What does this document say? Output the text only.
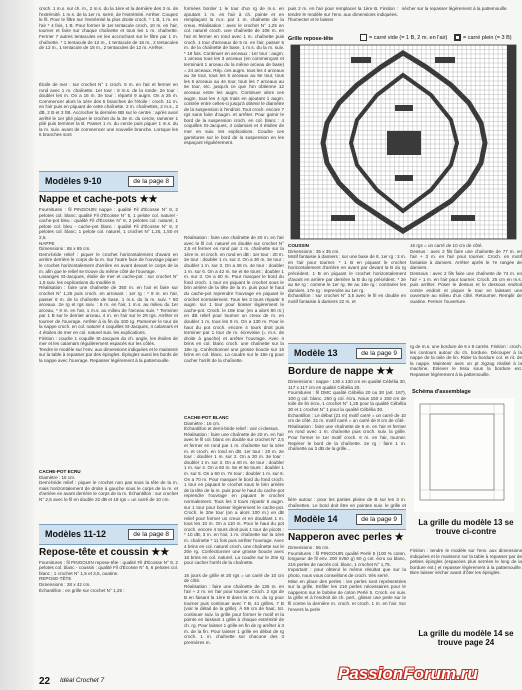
croch. 1 m.s. sur ch. m., 2 m.s. du la 1ère et la dernière des 3 m. de l'extrémité. 1 m.s. de la 1er m. serré, de l'extrémité. Arrêter. Coupez le fil. Pour le filtre sur l'extrémité la plus droite croch. * 1 B, 1 m. en l'air * 4 fois, 1 B. Pour former le 1er tentacule croch. 10 m. en l'air, tourner et faire sur chaque chaînette et tous les 1 m. chaînette. Fermer 7 autres tentacules en les accrochant sur le filtre par 1 m. chaînette. * 1 tentacule de 12 m., 1 tentacule de 18 m., 2 tentacules de 12 m., 1 tentacule de 18 m., 2 tentacules de 12 m. Arrêter.
Étoile de mer : sur crochet N° 1 croch. 5 m. en l'air et fermer en rond avec 1 m. chaînette. 1er tour : 8 m.s. de la ronde. 2e tour : doubler les m. On a 16 m. 3e tour : répartir 9 augm. On a 25 m. Commencer alors la 1ère des 5 branches de l'étoile : croch. 11 m. en l'air puis en piquant de cette chaînette. 2 m. chaînettes, 2 m.s., 2 dB, 2 B et 3 hB. Accrocher la dernière BB sur le centre : après avoir arrêté le 1er plié piquer le crochet du la 3e m. du cercle, ramener 1 plié puis terminer la B. Passer 1 m. du cercle puis piquer 1 m.s. du la m. suiv. avant de commencer une nouvelle branche. Lorsque les 5 branches sont
Modèles 9-10	de la page 8
Nappe et cache-pots ★★
Fournitures : fil PINGOUIN nappe : qualité Fil d'Écosse N° 8, 2 pelotes col. blanc; qualité Fil d'Écosse N° 5, 1 pelote col. naturel - cache-pot bleu : qualité Fil d'Écosse N° 8, 2 pelotes col. naturel, 1 pelote col. bleu - cache-pot blanc : qualité Fil d'Écosse N° 8, 2 pelotes col. blanc; 1 pelote col. naturel, 1 crochet N° 1,25, 1,50 et 2,5.
NAPPE
Dimensions : 65 x 65 cm.
Demi-bride relief : piquer le crochet horizontalement d'avant en arrière derrière le corps de la m. Sur l'autre face de l'ouvrage piquer le crochet horizontalement d'arrière en avant devant le corps de la m. afin que le relief se trouve du même côté de l'ouvrage.
Losanges St-Jacques, étoile de mer et cache-pot : sur crochet N° 1,5 suiv. les explications du modèle 8.
Réalisation : faire une chaînette de 350 m. en l'air et faire sur crochet N° 1,25 puis croch. en arrosant : 1er rg : * 9 m. en l'air, passer 6 m. de la chaînette de base, 1 m.s. du la m. suiv. * 50 arceaux. 2e rg et rgs suiv. : 6 m. en l'air, 1 m.s. au milieu du 1er arceau, * 9 m. en l'air, 1 m.s. au milieu de l'arceau suiv. * Terminer par 1 B sur le dernier arceau, 4 m. en l'air sur le 29 rgs. Arrêter et tourner de l'ouvrage. Arrêter à la fin du 100 rg. Parsemer le tour de la nappe croch. en col. naturel 4 coquilles St-Jacques, 4 calamars et 4 étoiles de mer en col. naturel suiv. les explications.
Finition : coudre 1 coquille St-Jacques du ch. angle, les étoiles de mer et les calamars régulièrement espacés sur les côtés.
Tendre le modèle sur l'env. aux dimensions indiquées et le maintenir sur la table à repasser par des épingles. Épinglez aussi les bords de la nappe avec l'ouvrage. Repasser légèrement à la pattemouille.
CACHE-POT ECRU
Diamètre : 16 cm.
Demi-bride relief : piquer le crochet non pas sous la tête de la m. mais horizontalement de droite à gauche sous le corps de la m. et d'arrière en avant derrière le corps de la m. Échantillon : sur crochet N° 2,5 avec le fil en double 22 dB et 18 rgs = un carré de 10 cm.
Modèles 11-12	de la page 8
Repose-tête et coussin ★★
Fournitures : fil PINGOUIN repose-tête : qualité Fil d'Écosse N° 8, 2 pelotes col. blanc - coussin : qualité Fil d'Écosse N° 5, 6 pelotes col. blanc ; 1 crochet N° 1,5 et 3,5, ouatine.
REPOSE-TÊTE
Dimensions : 28 x 42 cm.
Échantillon : en grille sur crochet N° 1,25 :
formées border 1 le tour d'un rg de m.s. en ajoutant 1 m. en l'air à ch. pointe et en remplaçant la m.s. par 1 m. chaînette de la creux. Réalisation : avec le crochet N° 1,25 en col. naturel croch. une chaînette de 106 m. en l'air et fermer en rond avec 1 m. chaînette puis croch. 1 tour d'arceaux de 5 m. en l'air, passer 5 m. de la chaînette de base, 1 m.s. du la m. suiv. * 18 fois. Continuer en arceaux : 1er tour : augm. 1 arceau tous les 3 arceaux (en commençant et terminant 1 arceau du la même arceau de base) = 24 arceaux. Rép. ces augm. tous les 4 arceaux au 3e tour, tous les 5 arceaux au 5e tour, tous les 6 arceaux au 4e tour, tous les 7 arceaux au 5e tour, etc. jusqu'à ce que l'on obtienne 12 arceaux entre les augm. Continuer alors ces augm. tous les 4 rgs mais en ajoutant 1 augm. contrée entre celles-ci jusqu'à obtenir le diamètre de la suspension à l'endroit. Tout croch. encore 7 rgs sans faire d'augm. et arrêter. Pour garnir le bord de la suspension croch. en col. blanc : 4 coquilles St-Jacques, 4 calamars et 4 étoiles de mer en suiv. les explications. Coudre ces garnitures sur le bord de la suspension en les espaçant régulièrement.
Réalisation : faire une chaînette de 20 m. en l'air avec le fil col. naturel en double sur crochet N° 2,5 et fermer en rond par 1 m. chaînette sur la 1ère m. et croch. en rond en dB : 1er tour : 20 m. 2e tour : doubler 1 m. sur 2. On a 30 m. 3e tour : doubler 1 m. sur 3. On a 36 m. 4e tour : doubler 1 m. sur 6. On a 42 m. 5e et 6e tours : doubler 1 m. sur 3. On a 60 m. Pour marquer le bord du fond croch. 1 tour en piquant le crochet sous le brin arrière de la tête de la m. puis pour le haut du cache-pot reprendre l'ouvrage en piquant le crochet normalement. Tous les 3 tours répartir 5 augm. sur 1 tour pour bosser légèrement le cache-pot. Croch. le 18e tour (en a alors 80 m.) en dB relief pour tourner un creux de m. en doubler 1 m. tous les 9 m. On a 130 m. Pour le haut du pot croch. encore 4 tours droit puis terminer par 1 tour de m. écrevisse (= m.s. de droite à gauche) et arrêter l'ouvrage. Avec 4 brins en col. blanc croch. une chaînette sur la 18e rg. Confectionner une grosse boucle sur 16 brins en col. blanc. La coudre sur le 18e rg pour cacher l'arrêt de la chaînette.
CACHE-POT BLANC
Diamètre : 16 cm.
Échantillon et demi-bride relief : voir ci-dessus.
Réalisation : faire une chaînette de 20 m. en l'air avec le fil col. blanc en double sur crochet N° 2,5 et fermer en rond par 1 m. chaînette sur la 1ère m. et croch. en rond en dB. 1er tour : 20 m. 2e tour : doubler 1 m. sur 2. On a 30 m. 3e tour : doubler 1 m. sur 3. On a 40 m. 4e tour : doubler 1 m. sur 4. On a 50 m. 5e et 6e tours : doubler 1 m. sur 5. On a 60 m. 7e tour : doubler 1 m. sur 6. On a 70 m. Pour marquer le bord du fond croch. 1 tour en piquant le crochet sous le brin arrière de la tête de la m. puis pour le haut du cache-pot reprendre l'ouvrage en piquant le crochet normalement. Tous les 3 tours répartir 5 augm. sur 1 tour pour bosser légèrement le cache-pot. Croch. le 20e tour (on a alors 100 m.) en dB relief pour former un creux et en doublant 1 m. tous les 10 m. On a 110 m. Pour le haut du pot croch. encore 4 tours droit puis 1 tour de picots : * 10 dB, 3 m. en l'air, 1 m. chaînette sur la 1ère m. chaînette * 11 fois puis arrêter l'ouvrage. Avec 4 brins en col. naturel croch. une chaînette sur le 20e rg. Confectionner une grosse boucle avec 16 brins en col. naturel. La coudre sur le 20e rg pour cacher l'arrêt de la chaînette.
16 jours de grille et 20 rgs = un carré de 10 cm de côté.
Réalisation : faire une chaînette de 136 m. en l'air + 2 m. en l'air pour tourner. Croch. 2 rgs de B en faisant la 1ère B dans la 4e m. du rg pour tourner puis continuer avec 7 B, 41 grilles, 7 B (voir le détail de la grille). À 59 cm de haut, tot. continuer suiv. la grille pour former le motif et la pointe en laissant 1 grille à chaque extrémité de ch. rg. Pour laisser 1 grille en fin de rg arrêter à 3 m. de la fin. Pour laisser 1 grille en début de rg croch. 1 m. chaînette sur chacune des 3 premières m.
puis 2 m. en l'air pour remplacer la 1ère B. Finition : tendre le modèle sur l'env. aux dimensions indiquées. l'humecter et le laisser
sécher sur la repasser légèrement à la pattemouille.
Grille repose-tête	= carré vide (= 1 B, 2 m. en l'air)	= carré plein (= 3 B)
COUSSIN
Dimensions : 35 x 35 cm.
Motif fantaisie à damiers : sur une base de 8. 1er rg : 3 m. en l'air pour tourner. * 1 B en piquant le crochet horizontalement d'arrière en avant par devant la B du rg précédent. 1 B en piquant le crochet horizontalement d'avant en arrière par derrière la B du rg précédent. * 2e au 6e rg : comme le 1er rg. 9e au 16e rg : contrarier les damiers. 17e rg : reprendre au 1er rg.
Échantillon : sur crochet N° 3,5 avec le fil en double en motif fantaisie à damiers 22 m. et
16 rgs = un carré de 10 cm de côté.
Dessus : avec 2 fils faire une chaînette de 77 m. en l'air + 3 m. en l'air pour tourner. Croch. en motif fantaisie à damiers. Arrêter après le 7e rangée de damiers.
Dessous : avec 2 fils faire une chaînette de 74 m. en l'air + 1 m. en l'air pour tourner. Croch. 25 cm en m.s. puis arrêter. Poser le dessus et le dessous endroit contre endroit et piquer le tour en laissant une ouverture au milieu d'un côté. Retourner. Remplir de ouatine. Fermer l'ouverture.
Modèle 13	de la page 9
Bordure de nappe ★★
Dimensions : nappe : 130 x 130 cm en qualité Cébélia 30, 117 x 117 cm en qualité Cébélia 20.
Fournitures : fil DMC qualité Cébélia 20 ou 30 (art. 167), 100 g col. blanc, 250 g col. écru. Nous 150 x 150 cm de toile de lin écru, 1 crochet N° 1,25 pour la qualité Cébélia 30 et 1 crochet N° 1 pour la qualité Cébélia 30.
Échantillon : Le début (21 m) motif carré = un carré de 10 cm de côté. 21 m. motif carré = un carré de 8 cm de côté.
Réalisation : faire une chaînette de 6 m. en l'air et fermer en rond avec 1 m. chaînette puis croch. suiv. la grille. Pour former le 1er motif croch. 6 m. en l'air, tourner. Repérer le bord de la chaînette. 2e rg : faire 1 m. chaînette au 3 dB de la grille...
lière autour : pour les parties pleine de B sur les 3 m. chaînettes. Le bord doit être en pointes suiv. le grille et
rg de m.s. une bordure de 6 x 8 carrés. Finition : croch. les contours autour du ch. bordure. Découper à la nappe de la toile de lin. Rider la bordure col. et rit. de la nappe. Maintenir avec un pt zigzag réalisé à la machine. Enlever le tissu sous la bordure ext. Repasser légèrement à la pattemouille.
Schéma d'assemblage
La grille du modèle 13 se trouve ci-contre
Modèle 14	de la page 9
Napperon avec perles ★
Dimensions : 56 cm.
Fournitures : fil PINGOUIN qualité Perlé 5 (100 % coton, longueur de fil env. 200 m/50 g) 50 g col. écru ou blanc, 216 perles de nacrés col. blanc, 1 crochet N° 1,75.
Important : pour obtenir le même résultat que sur la photo, nous vous conseillons de croch. très serré.
Mise en place des perles : les perles sont représentées sur la grille. Enfiler les 216 perles nécessaires pour le napperon sur le bobine de coton Perlé 5. Croch. en suiv. la grille et à l'endroit de ch. perl., glisser une perle sur le fil contre la dernière m. croch. et croch. 1 m. en l'air. Sur l'envers la perle
Finition : tendre le modèle sur l'env. aux dimensions indiquées et le maintenir sur la table à repasser par de petites épingles (espacées plus serrées le long de la bordure ext.) et repasser légèrement à la pattemouille. Bien laisser sécher avant d'ôter les épingles.
La grille du modèle 14 se trouve page 24
22 Idéal Crochet 7	PassionForum.ru
